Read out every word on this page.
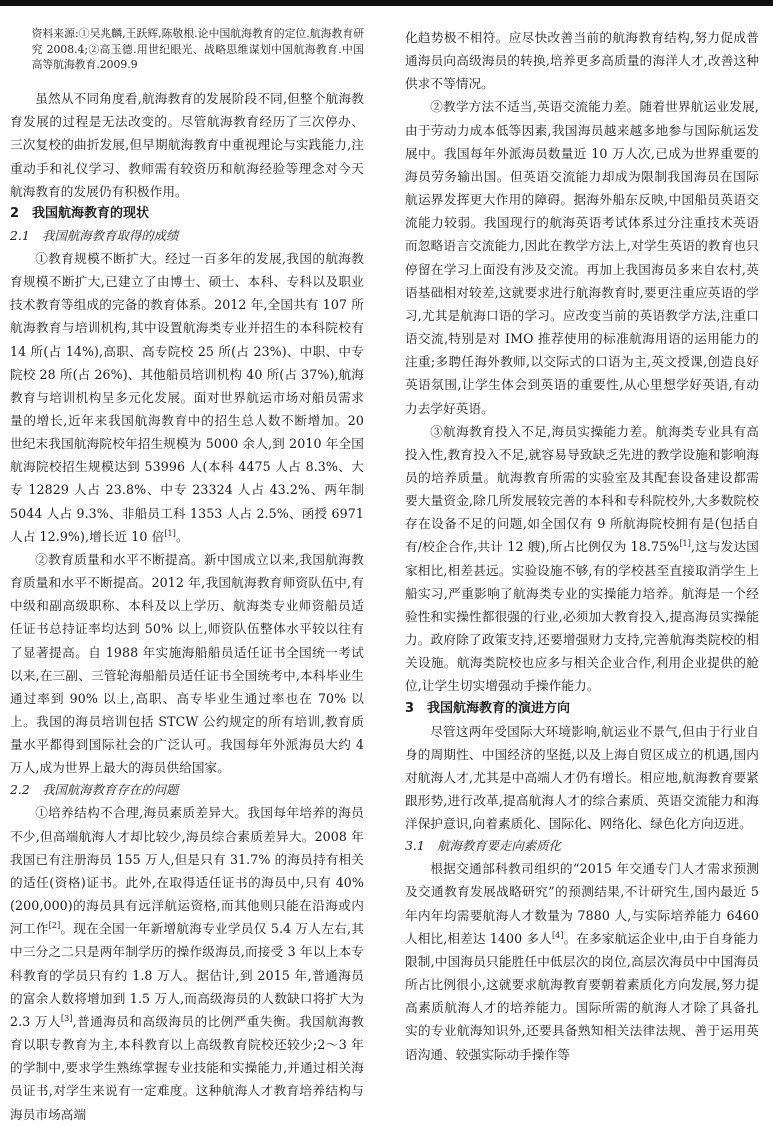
资料来源:①吴兆麟,王跃辉,陈敬根.论中国航海教育的定位.航海教育研究 2008.4;②高玉德.用世纪眼光、战略思维谋划中国航海教育.中国高等航海教育.2009.9

虽然从不同角度看,航海教育的发展阶段不同,但整个航海教育发展的过程是无法改变的。尽管航海教育经历了三次停办、三次复校的曲折发展,但早期航海教育中重视理论与实践能力,注重动手和礼仪学习、教师需有较资历和航海经验等理念对今天航海教育的发展仍有积极作用。

2　我国航海教育的现状
2.1　我国航海教育取得的成绩

①教育规模不断扩大。经过一百多年的发展,我国的航海教育规模不断扩大,已建立了由博士、硕士、本科、专科以及职业技术教育等组成的完备的教育体系。2012 年,全国共有 107 所航海教育与培训机构,其中设置航海类专业并招生的本科院校有 14 所(占 14%),高职、高专院校 25 所(占 23%)、中职、中专院校 28 所(占 26%)、其他船员培训机构 40 所(占 37%),航海教育与培训机构呈多元化发展。面对世界航运市场对船员需求量的增长,近年来我国航海教育中的招生总人数不断增加。20 世纪末我国航海院校年招生规模为 5000 余人,到 2010 年全国航海院校招生规模达到 53996 人(本科 4475 人占 8.3%、大专 12829 人占 23.8%、中专 23324 人占 43.2%、两年制 5044 人占 9.3%、非船员工科 1353 人占 2.5%、函授 6971 人占 12.9%),增长近 10 倍[1]。

②教育质量和水平不断提高。新中国成立以来,我国航海教育质量和水平不断提高。2012 年,我国航海教育师资队伍中,有中级和副高级职称、本科及以上学历、航海类专业师资船员适任证书总持证率均达到 50% 以上,师资队伍整体水平较以往有了显著提高。自 1988 年实施海船船员适任证书全国统一考试以来,在三副、三管轮海船船员适任证书全国统考中,本科毕业生通过率到 90% 以上,高职、高专毕业生通过率也在 70% 以上。我国的海员培训包括 STCW 公约规定的所有培训,教育质量水平都得到国际社会的广泛认可。我国每年外派海员大约 4 万人,成为世界上最大的海员供给国家。

2.2　我国航海教育存在的问题

①培养结构不合理,海员素质差异大。我国每年培养的海员不少,但高端航海人才却比较少,海员综合素质差异大。2008 年我国已有注册海员 155 万人,但是只有 31.7% 的海员持有相关的适任(资格)证书。此外,在取得适任证书的海员中,只有 40%(200,000)的海员具有远洋航运资格,而其他则只能在沿海或内河工作[2]。现在全国一年新增航海专业学员仅 5.4 万人左右,其中三分之二只是两年制学历的操作级海员,而接受 3 年以上本专科教育的学员只有约 1.8 万人。据估计,到 2015 年,普通海员的富余人数将增加到 1.5 万人,而高级海员的人数缺口将扩大为 2.3 万人[3],普通海员和高级海员的比例严重失衡。我国航海教育以职专教育为主,本科教育以上高级教育院校还较少;2～3 年的学制中,要求学生熟练掌握专业技能和实操能力,并通过相关海员证书,对学生来说有一定难度。这种航海人才教育培养结构与海员市场高端

化趋势极不相符。应尽快改善当前的航海教育结构,努力促成普通海员向高级海员的转换,培养更多高质量的海洋人才,改善这种供求不等情况。

②教学方法不适当,英语交流能力差。随着世界航运业发展,由于劳动力成本低等因素,我国海员越来越多地参与国际航运发展中。我国每年外派海员数量近 10 万人次,已成为世界重要的海员劳务输出国。但英语交流能力却成为限制我国海员在国际航运界发挥更大作用的障碍。据海外船东反映,中国船员英语交流能力较弱。我国现行的航海英语考试体系过分注重技术英语而忽略语言交流能力,因此在教学方法上,对学生英语的教育也只停留在学习上面没有涉及交流。再加上我国海员多来自农村,英语基础相对较差,这就要求进行航海教育时,要更注重应英语的学习,尤其是航海口语的学习。应改变当前的英语教学方法,注重口语交流,特别是对 IMO 推荐使用的标准航海用语的运用能力的注重;多聘任海外教师,以交际式的口语为主,英文授课,创造良好英语氛围,让学生体会到英语的重要性,从心里想学好英语,有动力去学好英语。

③航海教育投入不足,海员实操能力差。航海类专业具有高投入性,教育投入不足,就容易导致缺乏先进的教学设施和影响海员的培养质量。航海教育所需的实验室及其配套设备建设都需要大量资金,除几所发展较完善的本科和专科院校外,大多数院校存在设备不足的问题,如全国仅有 9 所航海院校拥有是(包括自有/校企合作,共计 12 艘),所占比例仅为 18.75%[1],这与发达国家相比,相差甚远。实验设施不够,有的学校甚至直接取消学生上船实习,严重影响了航海类专业的实操能力培养。航海是一个经验性和实操性都很强的行业,必须加大教育投入,提高海员实操能力。政府除了政策支持,还要增强财力支持,完善航海类院校的相关设施。航海类院校也应多与相关企业合作,利用企业提供的舱位,让学生切实增强动手操作能力。

3　我国航海教育的演进方向

尽管这两年受国际大环境影响,航运业不景气,但由于行业自身的周期性、中国经济的坚挺,以及上海自贸区成立的机遇,国内对航海人才,尤其是中高端人才仍有增长。相应地,航海教育要紧跟形势,进行改革,提高航海人才的综合素质、英语交流能力和海洋保护意识,向着素质化、国际化、网络化、绿色化方向迈进。

3.1　航海教育要走向素质化

根据交通部科教司组织的“2015 年交通专门人才需求预测及交通教育发展战略研究”的预测结果,不计研究生,国内最近 5 年内年均需要航海人才数量为 7880 人,与实际培养能力 6460 人相比,相差达 1400 多人[4]。在多家航运企业中,由于自身能力限制,中国海员只能胜任中低层次的岗位,高层次海员中中国海员所占比例很小,这就要求航海教育要朝着素质化方向发展,努力提高素质航海人才的培养能力。国际所需的航海人才除了具备扎实的专业航海知识外,还要具备熟知相关法律法规、善于运用英语沟通、较强实际动手操作等
